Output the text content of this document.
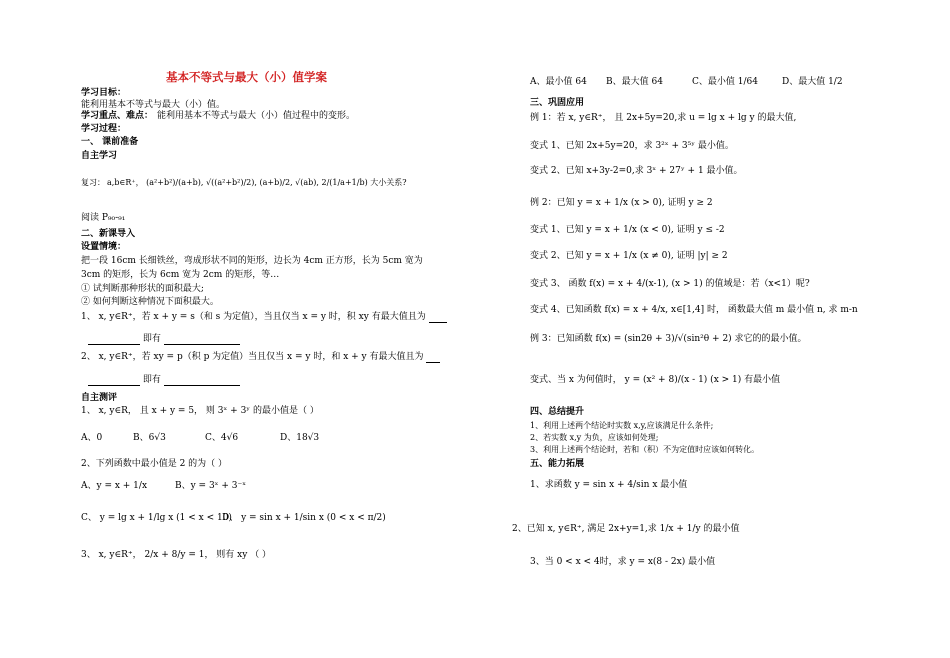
基本不等式与最大（小）值学案
学习目标：
能利用基本不等式与最大（小）值。
学习重点、难点： 能利用基本不等式与最大（小）值过程中的变形。
学习过程：
一、 课前准备
自主学习
复习： a,b∈R⁺， (a²+b²)/(a+b), √((a²+b²)/2), (a+b)/2, √(ab), 2/(1/a+1/b) 大小关系?
阅读 P₉₀-₉₁
二、新课导入
设置情境：
把一段 16cm 长细铁丝，弯成形状不同的矩形，边长为 4cm 正方形，长为 5cm 宽为
3cm 的矩形，长为 6cm 宽为 2cm 的矩形，等…
① 试判断那种形状的面积最大;
② 如何判断这种情况下面积最大。
1、 x, y∈R⁺，若 x + y = s（和 s 为定值），当且仅当 x = y 时，积 xy 有最大值且为
即有
2、 x, y∈R⁺，若 xy = p（积 p 为定值）当且仅当 x = y 时，和 x + y 有最大值且为
即有
自主测评
1、 x, y∈R， 且 x + y = 5， 则 3ˣ + 3ʸ 的最小值是（ ）
A、0	B、6√3	C、4√6	D、18√3
2、下列函数中最小值是 2 的为（ ）
A、y = x + 1/x	B、y = 3ˣ + 3⁻ˣ
C、 y = lg x + 1/lg x (1 < x < 10)
D、 y = sin x + 1/sin x (0 < x < π/2)
3、 x, y∈R⁺， 2/x + 8/y = 1， 则有 xy （ ）
A、最小值 64 B、最大值 64	C、最小值 1/64	D、最大值 1/2
三、巩固应用
例 1：若 x, y∈R⁺， 且 2x+5y=20,求 u = lg x + lg y 的最大值,
变式 1、已知 2x+5y=20，求 3²ˣ + 3⁵ʸ 最小值。
变式 2、已知 x+3y-2=0,求 3ˣ + 27ʸ + 1 最小值。
例 2：已知 y = x + 1/x (x > 0), 证明 y ≥ 2
变式 1、已知 y = x + 1/x (x < 0), 证明 y ≤ -2
变式 2、已知 y = x + 1/x (x ≠ 0), 证明 |y| ≥ 2
变式 3、 函数 f(x) = x + 4/(x-1), (x > 1) 的值域是：若（x<1）呢?
变式 4、已知函数 f(x) = x + 4/x, x∈[1,4] 时， 函数最大值 m 最小值 n, 求 m-n
例 3：已知函数 f(x) = (sin2θ + 3)/√(sin²θ + 2) 求它的的最小值。
变式、当 x 为何值时， y = (x² + 8)/(x - 1) (x > 1) 有最小值
四、总结提升
1、利用上述两个结论时实数 x,y,应该满足什么条件;
2、若实数 x,y 为负，应该如何处理;
3、利用上述两个结论时，若和（积）不为定值时应该如何转化。
五、能力拓展
1、求函数 y = sin x + 4/sin x 最小值
2、已知 x, y∈R⁺, 满足 2x+y=1,求 1/x + 1/y 的最小值
3、当 0 < x < 4时，求 y = x(8 - 2x) 最小值
